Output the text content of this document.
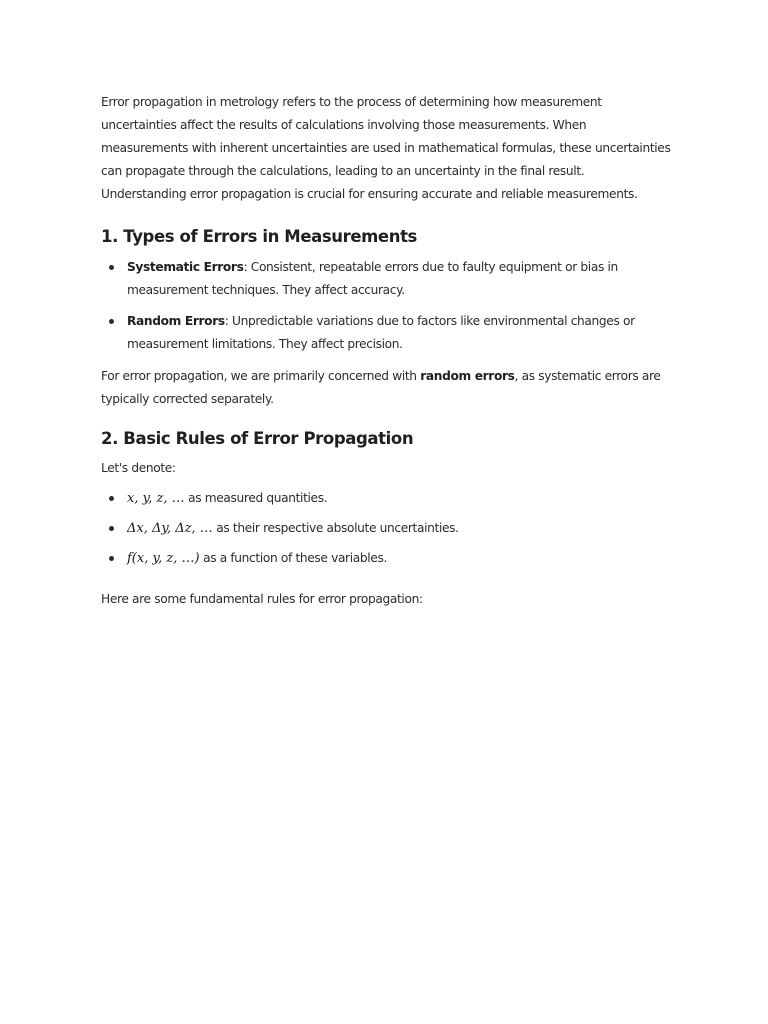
Error propagation in metrology refers to the process of determining how measurement uncertainties affect the results of calculations involving those measurements. When measurements with inherent uncertainties are used in mathematical formulas, these uncertainties can propagate through the calculations, leading to an uncertainty in the final result. Understanding error propagation is crucial for ensuring accurate and reliable measurements.

1. Types of Errors in Measurements
Systematic Errors: Consistent, repeatable errors due to faulty equipment or bias in measurement techniques. They affect accuracy.
Random Errors: Unpredictable variations due to factors like environmental changes or measurement limitations. They affect precision.

For error propagation, we are primarily concerned with random errors, as systematic errors are typically corrected separately.

2. Basic Rules of Error Propagation

Let's denote:

x, y, z, … as measured quantities.
Δx, Δy, Δz, … as their respective absolute uncertainties.
f(x, y, z, …) as a function of these variables.

Here are some fundamental rules for error propagation:
